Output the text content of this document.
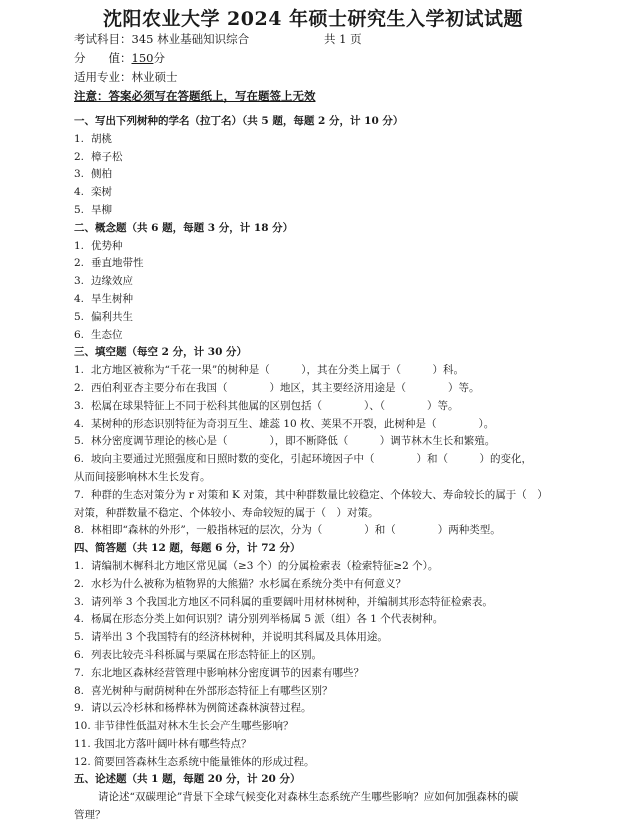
沈阳农业大学 2024 年硕士研究生入学初试试题
考试科目：345 林业基础知识综合	共 1 页
分　　值：150分
适用专业：林业硕士
注意：答案必须写在答题纸上，写在题签上无效
一、写出下列树种的学名（拉丁名）（共 5 题，每题 2 分，计 10 分）
1. 胡桃
2. 樟子松
3. 侧柏
4. 栾树
5. 旱柳
二、概念题（共 6 题，每题 3 分，计 18 分）
1. 优势种
2. 垂直地带性
3. 边缘效应
4. 旱生树种
5. 偏利共生
6. 生态位
三、填空题（每空 2 分，计 30 分）
1. 北方地区被称为“千花一果”的树种是（　　　），其在分类上属于（　　　）科。
2. 西伯利亚杏主要分布在我国（　　　　）地区，其主要经济用途是（　　　　）等。
3. 松属在球果特征上不同于松科其他属的区别包括（　　　　）、（　　　　）等。
4. 某树种的形态识别特征为奇羽互生、雄蕊 10 枚、荚果不开裂，此树种是（　　　　）。
5. 林分密度调节理论的核心是（　　　　），即不断降低（　　　）调节林木生长和繁殖。
6. 坡向主要通过光照强度和日照时数的变化，引起环境因子中（　　　　）和（　　　）的变化，
从而间接影响林木生长发育。
7. 种群的生态对策分为 r 对策和 K 对策，其中种群数量比较稳定、个体较大、寿命较长的属于（　）
对策，种群数量不稳定、个体较小、寿命较短的属于（　）对策。
8. 林相即“森林的外形”，一般指林冠的层次，分为（　　　　）和（　　　　）两种类型。
四、简答题（共 12 题，每题 6 分，计 72 分）
1. 请编制木樨科北方地区常见属（≥3 个）的分属检索表（检索特征≥2 个）。
2. 水杉为什么被称为植物界的大熊猫？水杉属在系统分类中有何意义？
3. 请列举 3 个我国北方地区不同科属的重要阔叶用材林树种，并编制其形态特征检索表。
4. 杨属在形态分类上如何识别？请分别列举杨属 5 派（组）各 1 个代表树种。
5. 请举出 3 个我国特有的经济林树种，并说明其科属及具体用途。
6. 列表比较壳斗科栎属与栗属在形态特征上的区别。
7. 东北地区森林经营管理中影响林分密度调节的因素有哪些？
8. 喜光树种与耐荫树种在外部形态特征上有哪些区别？
9. 请以云冷杉林和杨桦林为例简述森林演替过程。
10. 非节律性低温对林木生长会产生哪些影响？
11. 我国北方落叶阔叶林有哪些特点？
12. 简要回答森林生态系统中能量锥体的形成过程。
五、论述题（共 1 题，每题 20 分，计 20 分）
请论述“双碳理论”背景下全球气候变化对森林生态系统产生哪些影响？应如何加强森林的碳
管理？
